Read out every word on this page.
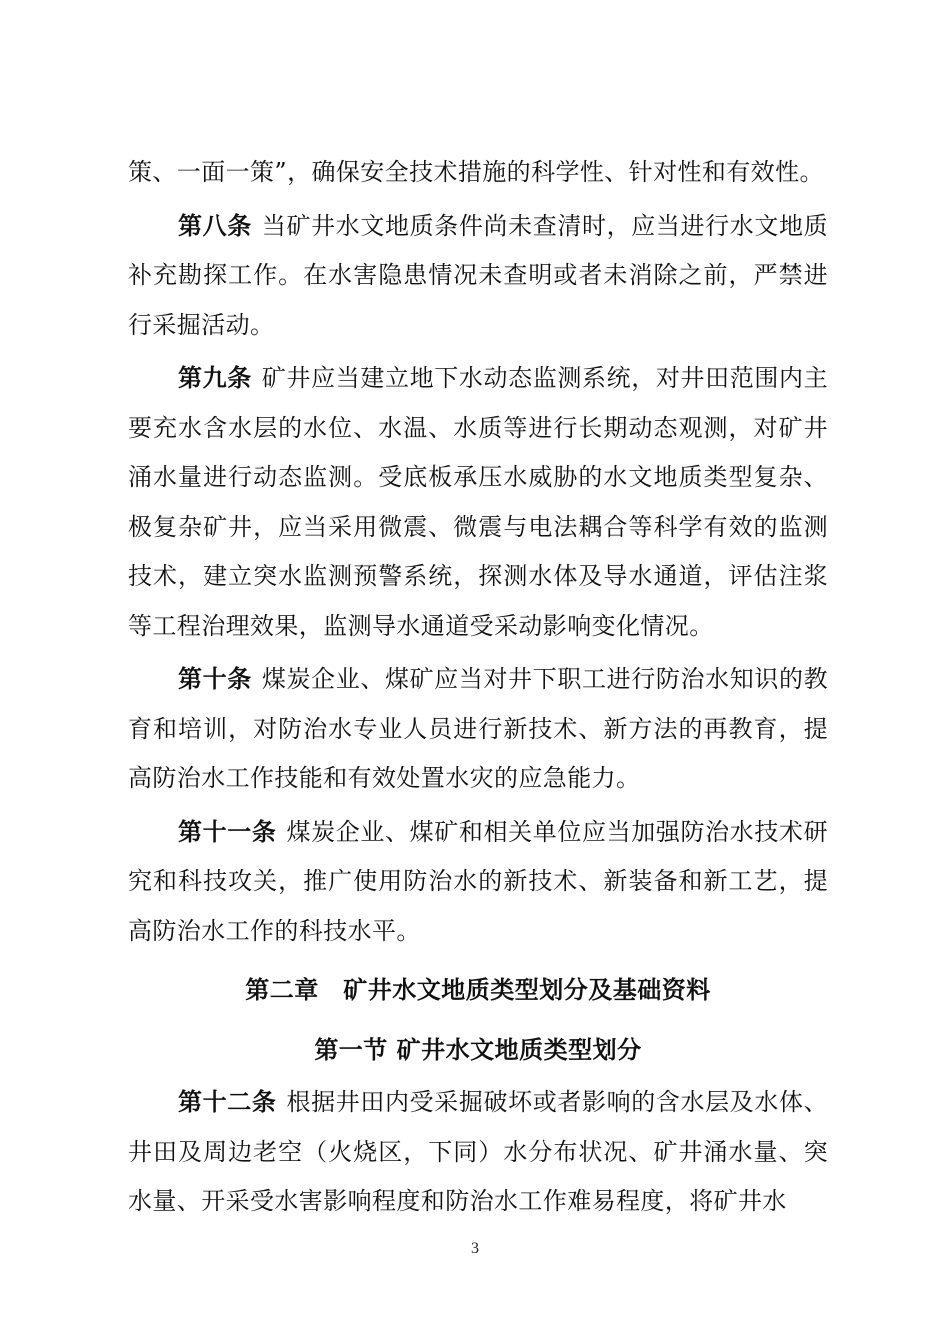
策、一面一策”，确保安全技术措施的科学性、针对性和有效性。

第八条 当矿井水文地质条件尚未查清时，应当进行水文地质补充勘探工作。在水害隐患情况未查明或者未消除之前，严禁进行采掘活动。

第九条 矿井应当建立地下水动态监测系统，对井田范围内主要充水含水层的水位、水温、水质等进行长期动态观测，对矿井涌水量进行动态监测。受底板承压水威胁的水文地质类型复杂、极复杂矿井，应当采用微震、微震与电法耦合等科学有效的监测技术，建立突水监测预警系统，探测水体及导水通道，评估注浆等工程治理效果，监测导水通道受采动影响变化情况。

第十条 煤炭企业、煤矿应当对井下职工进行防治水知识的教育和培训，对防治水专业人员进行新技术、新方法的再教育，提高防治水工作技能和有效处置水灾的应急能力。

第十一条 煤炭企业、煤矿和相关单位应当加强防治水技术研究和科技攻关，推广使用防治水的新技术、新装备和新工艺，提高防治水工作的科技水平。

第二章　矿井水文地质类型划分及基础资料
第一节 矿井水文地质类型划分

第十二条 根据井田内受采掘破坏或者影响的含水层及水体、井田及周边老空（火烧区，下同）水分布状况、矿井涌水量、突水量、开采受水害影响程度和防治水工作难易程度，将矿井水

3
